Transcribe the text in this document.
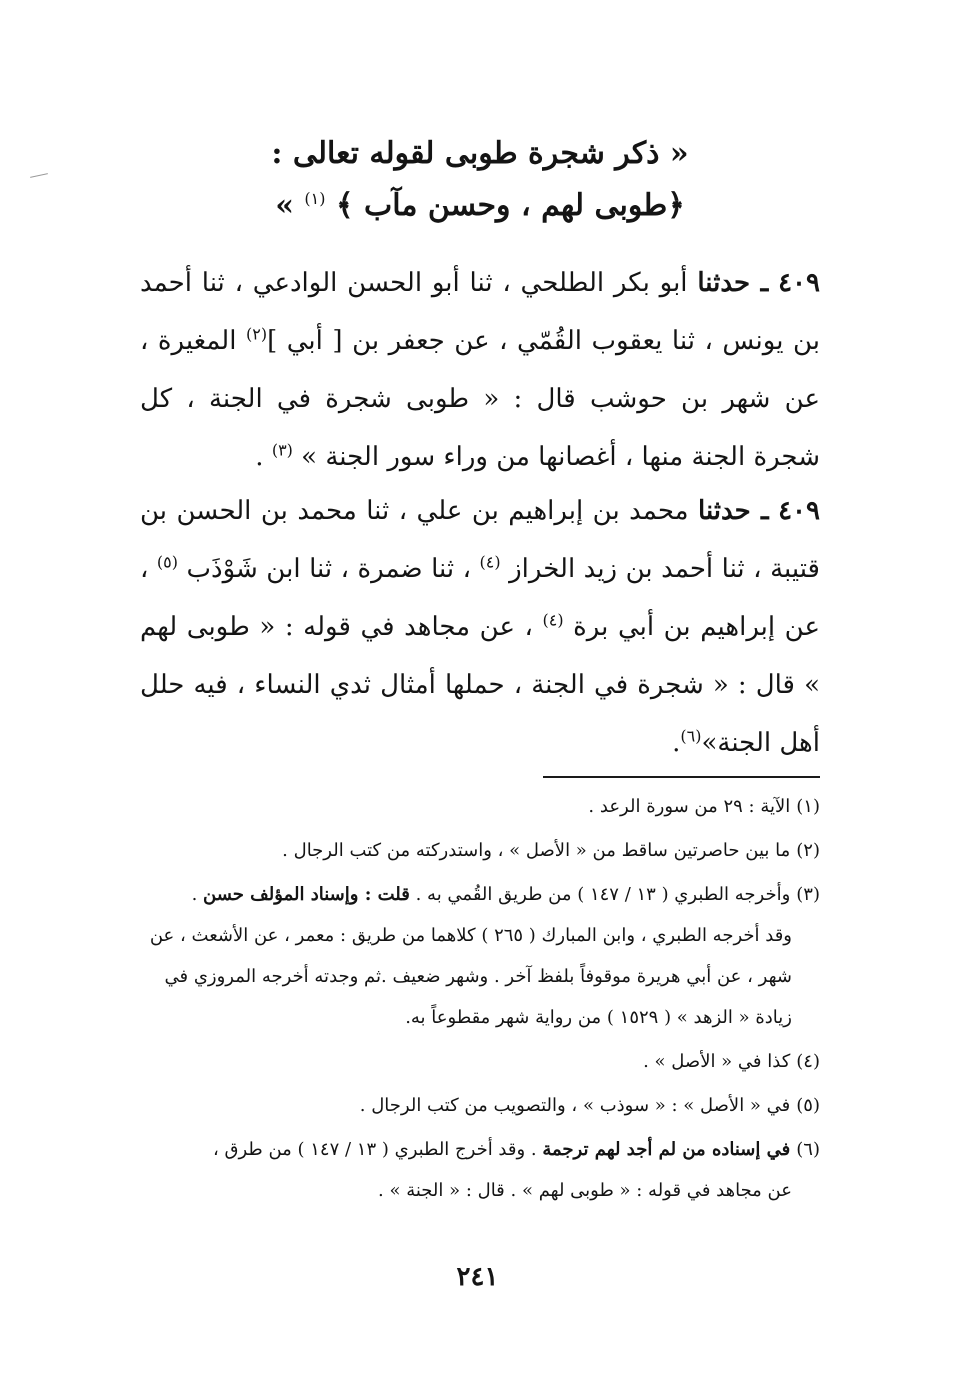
« ذكر شجرة طوبى لقوله تعالى :
﴿طوبى لهم ، وحسن مآب ﴾ $^{(١)}$ »
٤٠٩ ـ حدثنا أبو بكر الطلحي ، ثنا أبو الحسن الوادعي ، ثنا أحمد بن يونس ، ثنا يعقوب القُمّي ، عن جعفر بن [ أبي ]$^{(٢)}$ المغيرة ، عن شهر بن حوشب قال : « طوبى شجرة في الجنة ، كل شجرة الجنة منها ، أغصانها من وراء سور الجنة » $^{(٣)}$ .
٤٠٩ ـ حدثنا محمد بن إبراهيم بن علي ، ثنا محمد بن الحسن بن قتيبة ، ثنا أحمد بن زيد الخراز $^{(٤)}$ ، ثنا ضمرة ، ثنا ابن شَوْذَب $^{(٥)}$ ، عن إبراهيم بن أبي برة $^{(٤)}$ ، عن مجاهد في قوله : « طوبى لهم » قال : « شجرة في الجنة ، حملها أمثال ثدي النساء ، فيه حلل أهل الجنة»$^{(٦)}$.
(١)الآية : ٢٩ من سورة الرعد .
(٢)ما بين حاصرتين ساقط من « الأصل » ، واستدركته من كتب الرجال .
(٣)وأخرجه الطبري ( ١٣ / ١٤٧ ) من طريق القُمي به . قلت : وإسناد المؤلف حسن .
وقد أخرجه الطبري ، وابن المبارك ( ٢٦٥ ) كلاهما من طريق : معمر ، عن الأشعث ، عن شهر ، عن أبي هريرة موقوفاً بلفظ آخر . وشهر ضعيف .ثم وجدته أخرجه المروزي في زيادة « الزهد » ( ١٥٢٩ ) من رواية شهر مقطوعاً به.
(٤)كذا في « الأصل » .
(٥)في « الأصل » : « سوذب » ، والتصويب من كتب الرجال .
(٦)في إسناده من لم أجد لهم ترجمة . وقد أخرج الطبري ( ١٣ / ١٤٧ ) من طرق ،
عن مجاهد في قوله : « طوبى لهم » . قال : « الجنة » .
٢٤١
